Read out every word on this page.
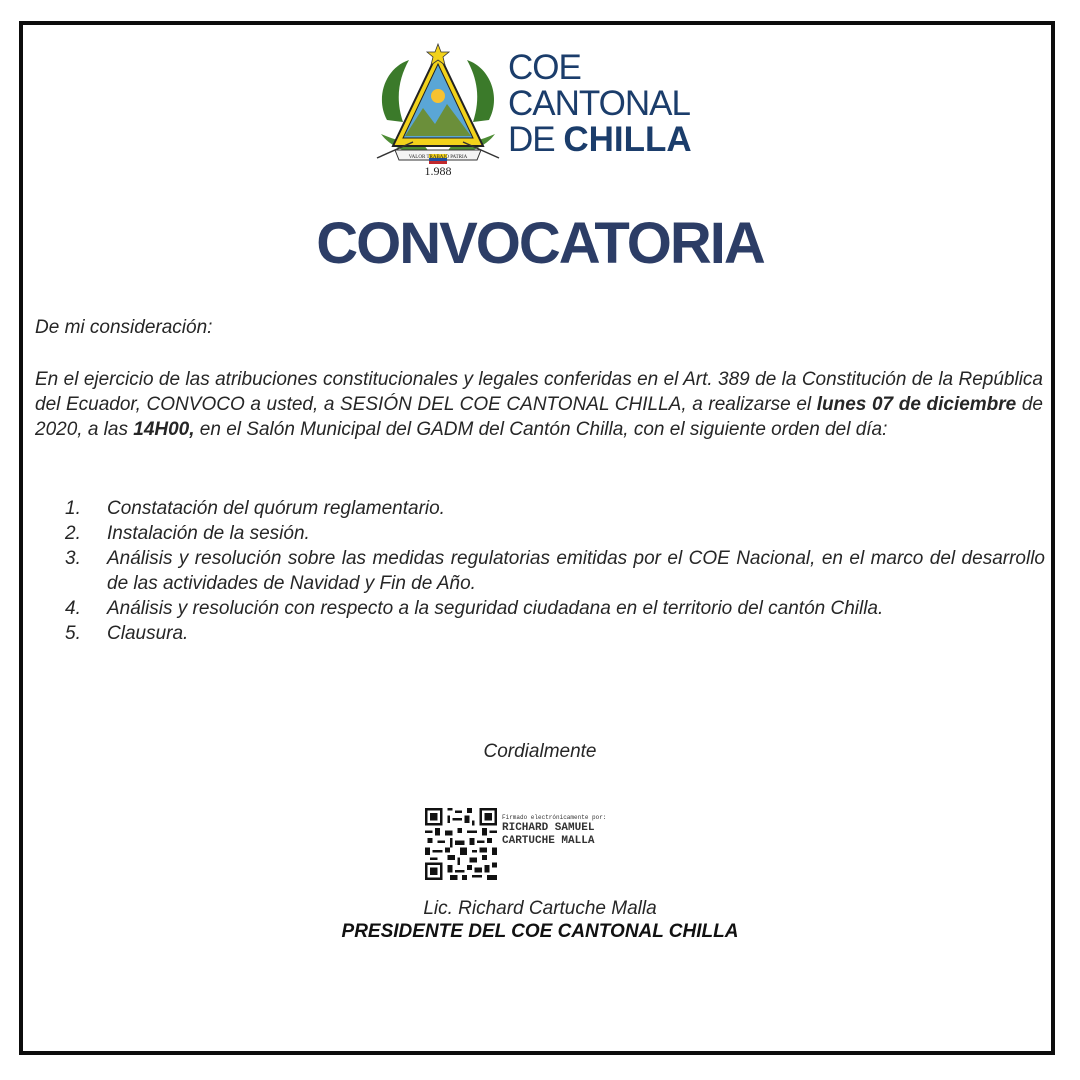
VALOR TRABAJO PATRIA
1.988
COE
CANTONAL
DE CHILLA
CONVOCATORIA
De mi consideración:
En el ejercicio de las atribuciones constitucionales y legales conferidas en el Art. 389 de la Constitución de la República del Ecuador, CONVOCO a usted, a SESIÓN DEL COE CANTONAL CHILLA, a realizarse el lunes 07 de diciembre de 2020, a las 14H00, en el Salón Municipal del GADM del Cantón Chilla, con el siguiente orden del día:
1.	Constatación del quórum reglamentario.
2.	Instalación de la sesión.
3.	Análisis y resolución sobre las medidas regulatorias emitidas por el COE Nacional, en el marco del desarrollo de las actividades de Navidad y Fin de Año.
4.	Análisis y resolución con respecto a la seguridad ciudadana en el territorio del cantón Chilla.
5.	Clausura.
Cordialmente
Firmado electrónicamente por:
RICHARD SAMUEL
CARTUCHE MALLA
Lic. Richard Cartuche Malla
PRESIDENTE DEL COE CANTONAL CHILLA
